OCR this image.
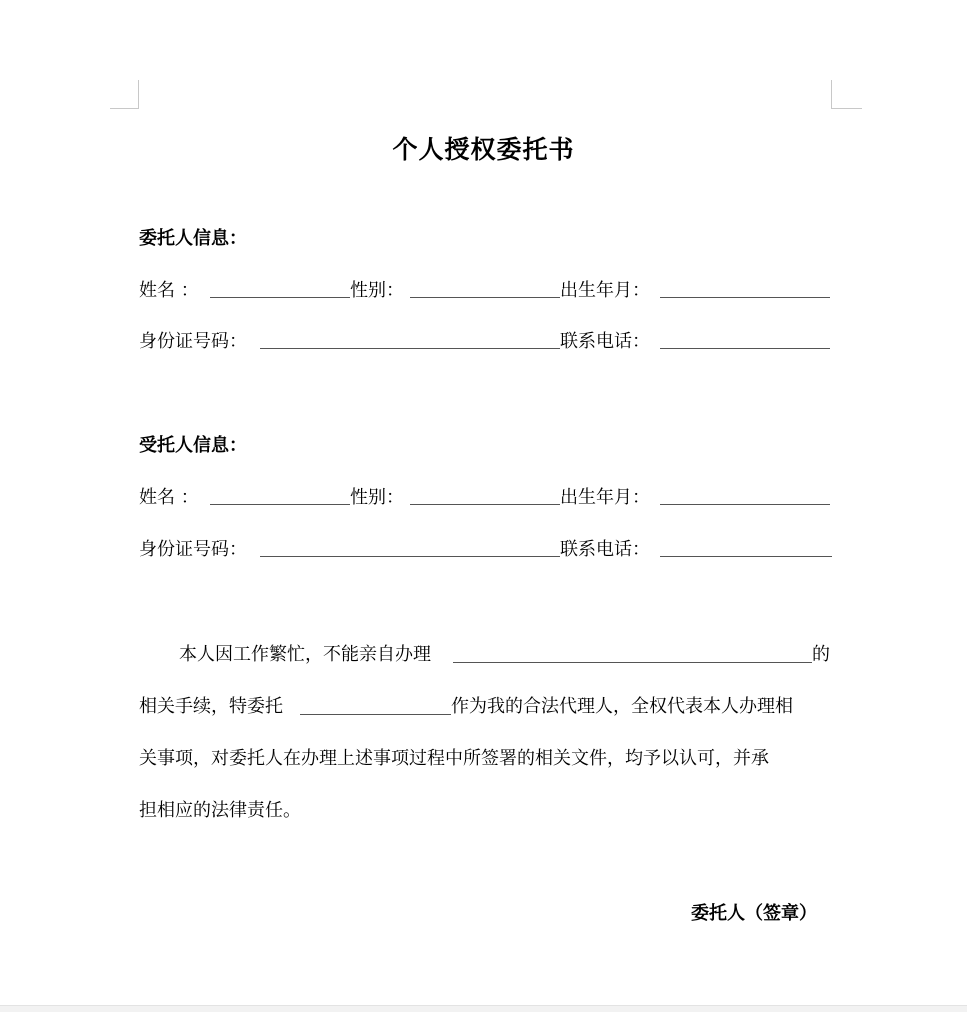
个人授权委托书
委托人信息：
姓名 ：	性别：	出生年月：
身份证号码：	联系电话：
受托人信息：
姓名 ：	性别：	出生年月：
身份证号码：	联系电话：
本人因工作繁忙，不能亲自办理	的
相关手续，特委托	作为我的合法代理人，全权代表本人办理相
关事项，对委托人在办理上述事项过程中所签署的相关文件，均予以认可，并承
担相应的法律责任。
委托人（签章）
